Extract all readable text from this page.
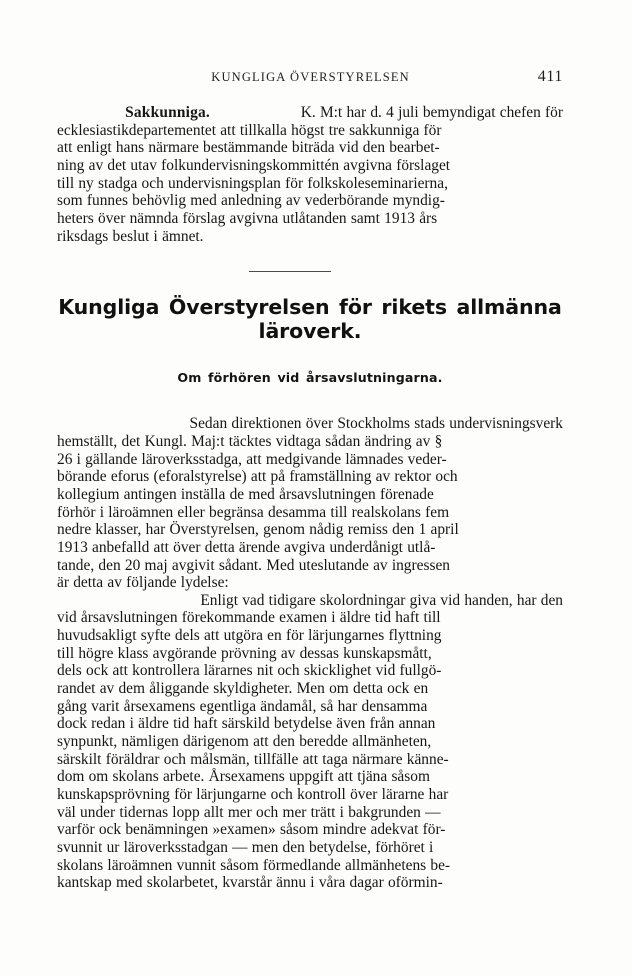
KUNGLIGA ÖVERSTYRELSEN	411

Sakkunniga.
	K. M:t har d. 4 juli bemyndigat chefen för
ecklesiastikdepartementet att tillkalla högst tre sakkunniga för
att enligt hans närmare bestämmande biträda vid den bearbet-
ning av det utav folkundervisningskommittén avgivna förslaget
till ny stadga och undervisningsplan för folkskoleseminarierna,
som funnes behövlig med anledning av vederbörande myndig-
heters över nämnda förslag avgivna utlåtanden samt 1913 års
riksdags beslut i ämnet.

Kungliga Överstyrelsen för rikets allmänna läroverk.
Om förhören vid årsavslutningarna.

Sedan direktionen över Stockholms stads undervisningsverk
hemställt, det Kungl. Maj:t täcktes vidtaga sådan ändring av §
26 i gällande läroverksstadga, att medgivande lämnades veder-
börande eforus (eforalstyrelse) att på framställning av rektor och
kollegium antingen inställa de med årsavslutningen förenade
förhör i läroämnen eller begränsa desamma till realskolans fem
nedre klasser, har Överstyrelsen, genom nådig remiss den 1 april
1913 anbefalld att över detta ärende avgiva underdånigt utlå-
tande, den 20 maj avgivit sådant. Med uteslutande av ingressen
är detta av följande lydelse:

Enligt vad tidigare skolordningar giva vid handen, har den
vid årsavslutningen förekommande examen i äldre tid haft till
huvudsakligt syfte dels att utgöra en för lärjungarnes flyttning
till högre klass avgörande prövning av dessas kunskapsmått,
dels ock att kontrollera lärarnes nit och skicklighet vid fullgö-
randet av dem åliggande skyldigheter. Men om detta ock en
gång varit årsexamens egentliga ändamål, så har densamma
dock redan i äldre tid haft särskild betydelse även från annan
synpunkt, nämligen därigenom att den beredde allmänheten,
särskilt föräldrar och målsmän, tillfälle att taga närmare känne-
dom om skolans arbete. Årsexamens uppgift att tjäna såsom
kunskapsprövning för lärjungarne och kontroll över lärarne har
väl under tidernas lopp allt mer och mer trätt i bakgrunden —
varför ock benämningen »examen» såsom mindre adekvat för-
svunnit ur läroverksstadgan — men den betydelse, förhöret i
skolans läroämnen vunnit såsom förmedlande allmänhetens be-
kantskap med skolarbetet, kvarstår ännu i våra dagar oförmin-
